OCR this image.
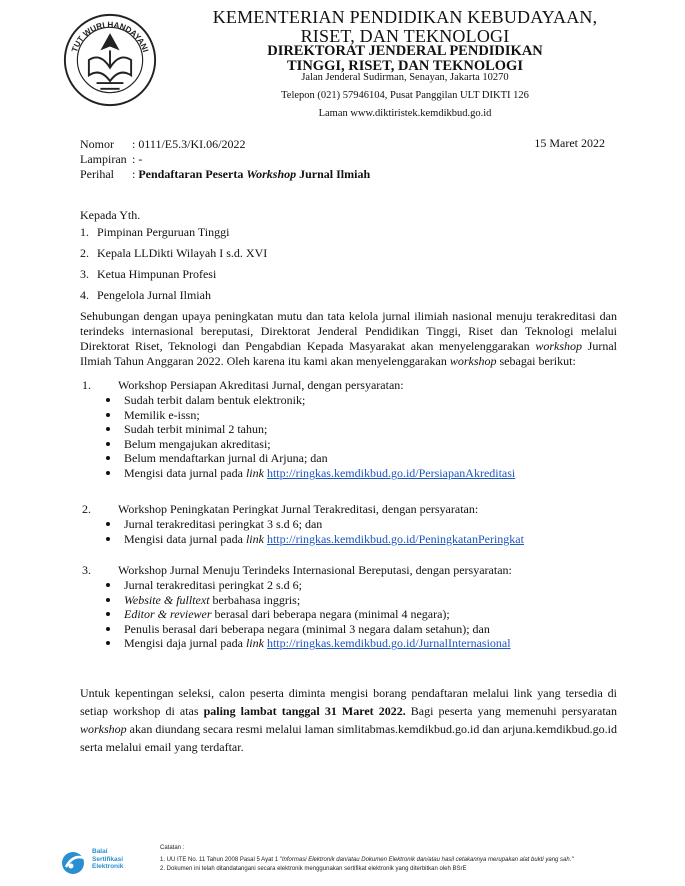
TUT WURI HANDAYANI
KEMENTERIAN PENDIDIKAN KEBUDAYAAN,
RISET, DAN TEKNOLOGI
DIREKTORAT JENDERAL PENDIDIKAN
TINGGI, RISET, DAN TEKNOLOGI
Jalan Jenderal Sudirman, Senayan, Jakarta 10270
Telepon (021) 57946104, Pusat Panggilan ULT DIKTI 126
Laman www.diktiristek.kemdikbud.go.id
Nomor : 0111/E5.3/KI.06/2022
Lampiran : -
Perihal : Pendaftaran Peserta Workshop Jurnal Ilmiah
15 Maret 2022
Kepada Yth.
1. Pimpinan Perguruan Tinggi
2. Kepala LLDikti Wilayah I s.d. XVI
3. Ketua Himpunan Profesi
4. Pengelola Jurnal Ilmiah
Sehubungan dengan upaya peningkatan mutu dan tata kelola jurnal ilimiah nasional menuju terakreditasi dan terindeks internasional bereputasi, Direktorat Jenderal Pendidikan Tinggi, Riset dan Teknologi melalui Direktorat Riset, Teknologi dan Pengabdian Kepada Masyarakat akan menyelenggarakan workshop Jurnal Ilmiah Tahun Anggaran 2022. Oleh karena itu kami akan menyelenggarakan workshop sebagai berikut:
1. Workshop Persiapan Akreditasi Jurnal, dengan persyaratan:
Sudah terbit dalam bentuk elektronik;
Memilik e-issn;
Sudah terbit minimal 2 tahun;
Belum mengajukan akreditasi;
Belum mendaftarkan jurnal di Arjuna; dan
Mengisi data jurnal pada link http://ringkas.kemdikbud.go.id/PersiapanAkreditasi
2. Workshop Peningkatan Peringkat Jurnal Terakreditasi, dengan persyaratan:
Jurnal terakreditasi peringkat 3 s.d 6; dan
Mengisi data jurnal pada link http://ringkas.kemdikbud.go.id/PeningkatanPeringkat
3. Workshop Jurnal Menuju Terindeks Internasional Bereputasi, dengan persyaratan:
Jurnal terakreditasi peringkat 2 s.d 6;
Website & fulltext berbahasa inggris;
Editor & reviewer berasal dari beberapa negara (minimal 4 negara);
Penulis berasal dari beberapa negara (minimal 3 negara dalam setahun); dan
Mengisi daja jurnal pada link http://ringkas.kemdikbud.go.id/JurnalInternasional
Untuk kepentingan seleksi, calon peserta diminta mengisi borang pendaftaran melalui link yang tersedia di setiap workshop di atas paling lambat tanggal 31 Maret 2022. Bagi peserta yang memenuhi persyaratan workshop akan diundang secara resmi melalui laman simlitabmas.kemdikbud.go.id dan arjuna.kemdikbud.go.id serta melalui email yang terdaftar.
Balai
Sertifikasi
Elektronik
Catatan :
1. UU ITE No. 11 Tahun 2008 Pasal 5 Ayat 1 "Informasi Elektronik dan/atau Dokumen Elektronik dan/atau hasil cetakannya merupakan alat bukti yang sah."
2. Dokumen ini telah ditandatangani secara elektronik menggunakan sertifikat elektronik yang diterbitkan oleh BSrE
